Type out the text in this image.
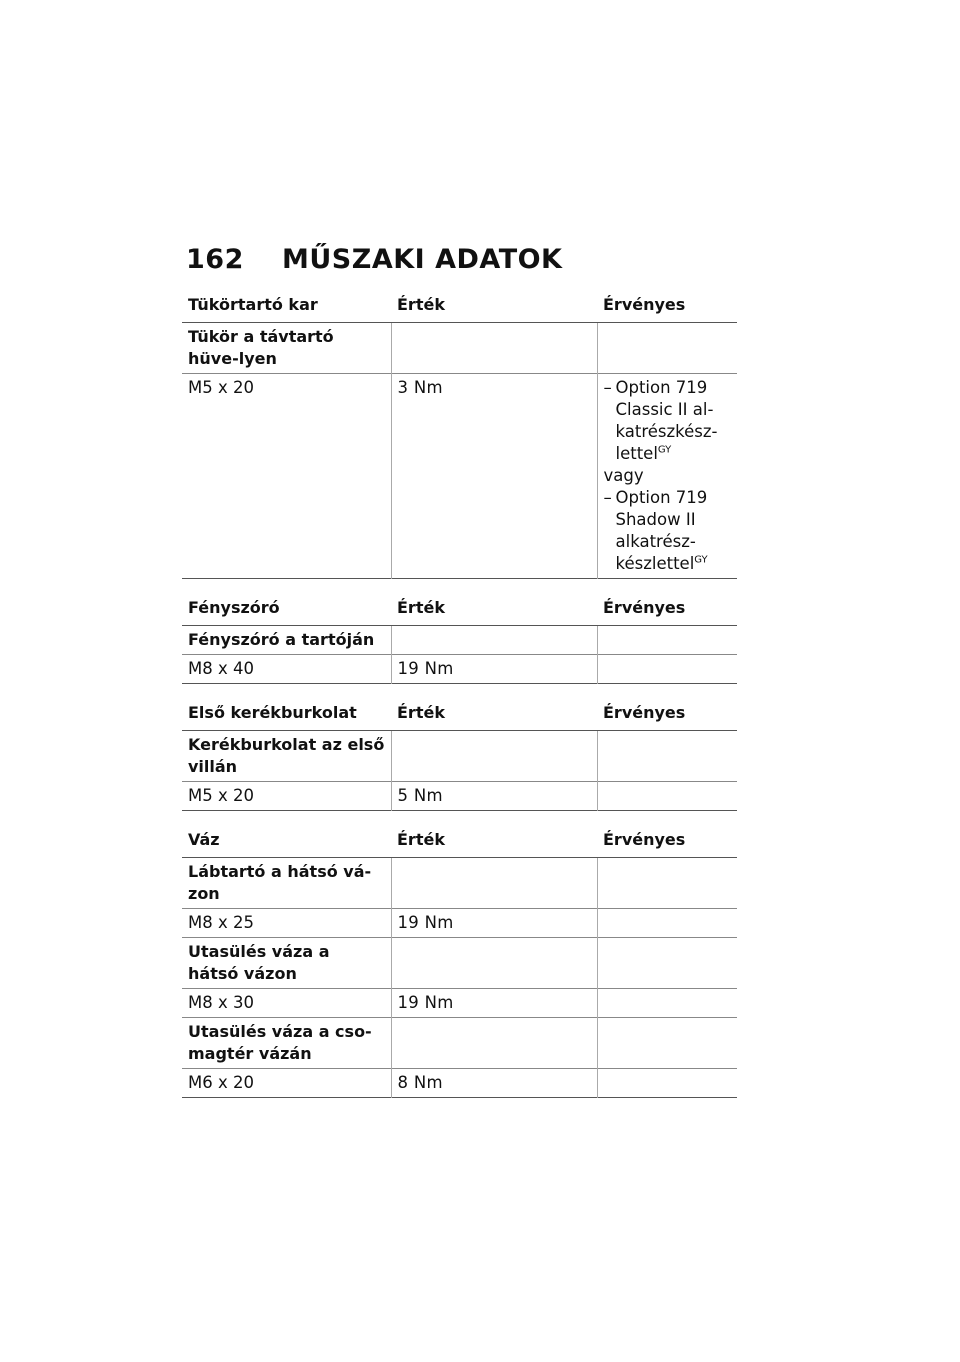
162 MŰSZAKI ADATOK
Tükörtartó kar	Érték	Érvényes
Tükör a távtartó hüve-lyen		
M5 x 20	3 Nm	– Option 719 Classic II al-katrészkész-lettel$^{GY}$
vagy
– Option 719 Shadow II alkatrész-készlettel$^{GY}$
Fényszóró	Érték	Érvényes
Fényszóró a tartóján		
M8 x 40	19 Nm	
Első kerékburkolat	Érték	Érvényes
Kerékburkolat az első villán		
M5 x 20	5 Nm	
Váz	Érték	Érvényes
Lábtartó a hátsó vá-zon		
M8 x 25	19 Nm	
Utasülés váza a hátsó vázon		
M8 x 30	19 Nm	
Utasülés váza a cso-magtér vázán		
M6 x 20	8 Nm	
